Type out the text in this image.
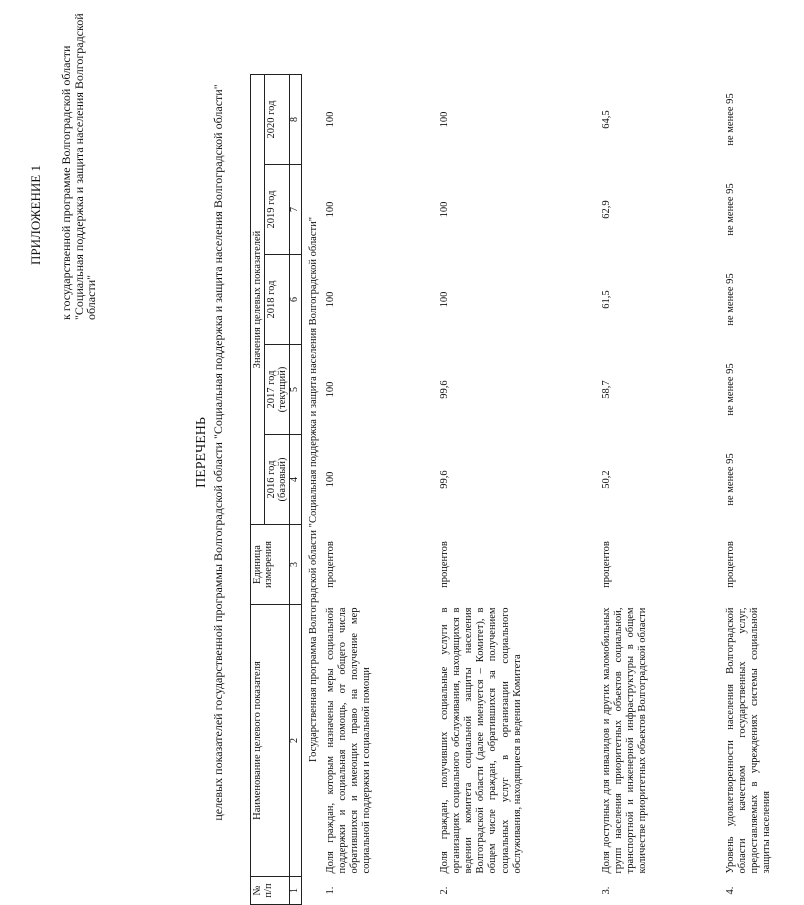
ПРИЛОЖЕНИЕ 1 к государственной программе Волгоградской области "Социальная поддержка и защита населения Волгоградской области"
ПЕРЕЧЕНЬ целевых показателей государственной программы Волгоградской области "Социальная поддержка и защита населения Волгоградской области"
№ п/п	Наименование целевого показателя	Единица измерения	Значения целевых показателей				
			2016 год (базовый)	2017 год (текущий)	2018 год	2019 год	2020 год
1	2	3	4	5	6	7	8
Государственная программа Волгоградской области "Социальная поддержка и защита населения Волгоградской области"							
1.	Доля граждан, которым назначены меры социальной поддержки и социальная помощь, от общего числа обратившихся и имеющих право на получение мер социальной поддержки и социальной помощи	процентов	100	100	100	100	100
2.	Доля граждан, получивших социальные услуги в организациях социального обслуживания, находящихся в ведении комитета социальной защиты населения Волгоградской области (далее именуется – Комитет), в общем числе граждан, обратившихся за получением социальных услуг в организации социального обслуживания, находящиеся в ведении Комитета	процентов	99,6	99,6	100	100	100
3.	Доля доступных для инвалидов и других маломобильных групп населения приоритетных объектов социальной, транспортной и инженерной инфраструктуры в общем количестве приоритетных объектов Волгоградской области	процентов	50,2	58,7	61,5	62,9	64,5
4.	Уровень удовлетворенности населения Волгоградской области качеством государственных услуг, предоставляемых в учреждениях системы социальной защиты населения	процентов	не менее 95	не менее 95	не менее 95	не менее 95	не менее 95
